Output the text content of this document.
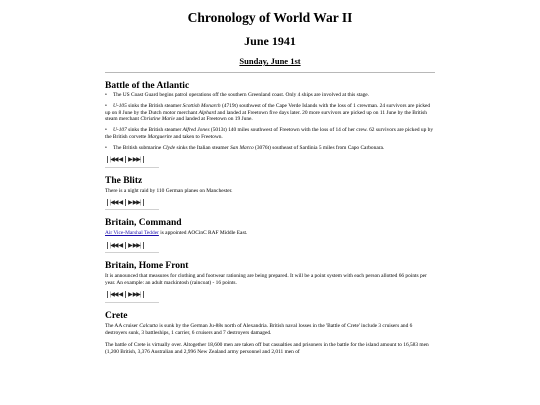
Chronology of World War II
June 1941
Sunday, June 1st
Battle of the Atlantic
• The US Coast Guard begins patrol operations off the southern Greenland coast. Only 4 ships are involved at this stage.
• U-105 sinks the British steamer Scottish Monarch (4719t) southwest of the Cape Verde Islands with the loss of 1 crewman. 24 survivors are picked up on 8 June by the Dutch motor merchant Alphard and landed at Freetown five days later. 20 more survivors are picked up on 11 June by the British steam merchant Christine Marie and landed at Freetown on 19 June.
• U-107 sinks the British steamer Alfred Jones (5013t) 140 miles southwest of Freetown with the loss of 14 of her crew. 62 survivors are picked up by the British corvette Marguerite and taken to Freetown.
• The British submarine Clyde sinks the Italian steamer San Marco (3076t) southeast of Sardinia 5 miles from Capo Carbonara.
|◀◀ ◀ ▶ ▶▶|
The Blitz
There is a night raid by 110 German planes on Manchester.
|◀◀ ◀ ▶ ▶▶|
Britain, Command
Air Vice-Marshal Tedder is appointed AOCinC RAF Middle East.
|◀◀ ◀ ▶ ▶▶|
Britain, Home Front
It is announced that measures for clothing and footwear rationing are being prepared. It will be a point system with each person allotted 66 points per year. An example: an adult mackintosh (raincoat) - 16 points.
|◀◀ ◀ ▶ ▶▶|
Crete
The AA cruiser Calcutta is sunk by the German Ju-88s north of Alexandria. British naval losses in the 'Battle of Crete' include 3 cruisers and 6 destroyers sunk, 3 battleships, 1 carrier, 6 cruisers and 7 destroyers damaged.
The battle of Crete is virtually over. Altogether 18,600 men are taken off but casualties and prisoners in the battle for the island amount to 16,583 men (1,200 British, 3,376 Australian and 2,996 New Zealand army personnel and 2,011 men of
